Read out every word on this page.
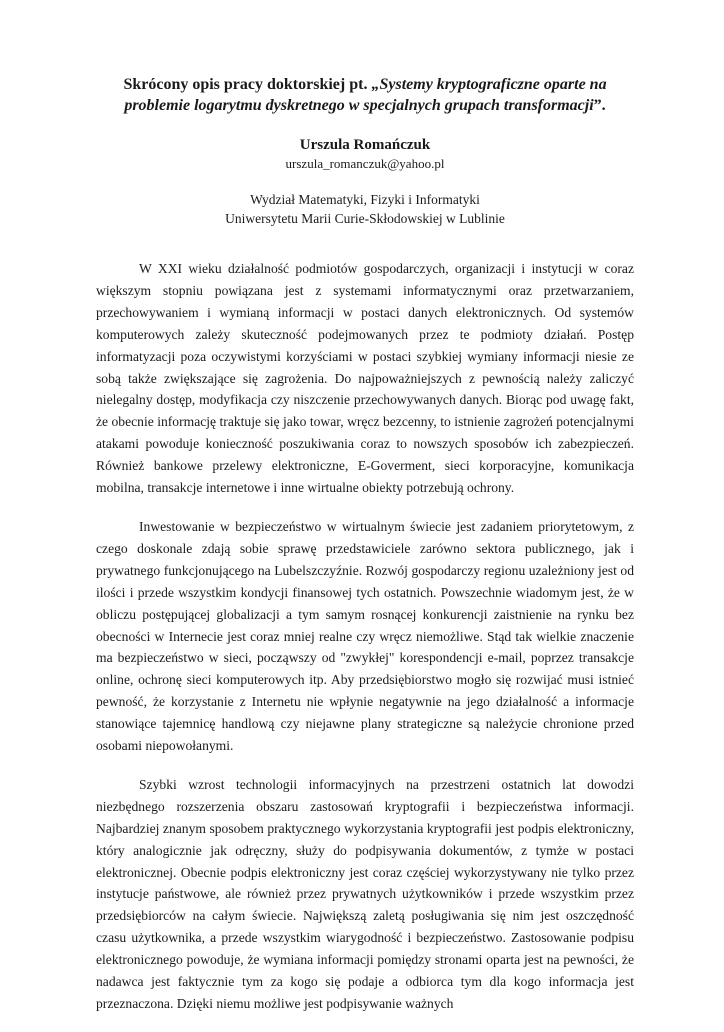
Skrócony opis pracy doktorskiej pt. „Systemy kryptograficzne oparte na problemie logarytmu dyskretnego w specjalnych grupach transformacji”.
Urszula Romańczuk
urszula_romanczuk@yahoo.pl
Wydział Matematyki, Fizyki i Informatyki
Uniwersytetu Marii Curie-Skłodowskiej w Lublinie

W XXI wieku działalność podmiotów gospodarczych, organizacji i instytucji w coraz większym stopniu powiązana jest z systemami informatycznymi oraz przetwarzaniem, przechowywaniem i wymianą informacji w postaci danych elektronicznych. Od systemów komputerowych zależy skuteczność podejmowanych przez te podmioty działań. Postęp informatyzacji poza oczywistymi korzyściami w postaci szybkiej wymiany informacji niesie ze sobą także zwiększające się zagrożenia. Do najpoważniejszych z pewnością należy zaliczyć nielegalny dostęp, modyfikacja czy niszczenie przechowywanych danych. Biorąc pod uwagę fakt, że obecnie informację traktuje się jako towar, wręcz bezcenny, to istnienie zagrożeń potencjalnymi atakami powoduje konieczność poszukiwania coraz to nowszych sposobów ich zabezpieczeń. Również bankowe przelewy elektroniczne, E-Goverment, sieci korporacyjne, komunikacja mobilna, transakcje internetowe i inne wirtualne obiekty potrzebują ochrony.

Inwestowanie w bezpieczeństwo w wirtualnym świecie jest zadaniem priorytetowym, z czego doskonale zdają sobie sprawę przedstawiciele zarówno sektora publicznego, jak i prywatnego funkcjonującego na Lubelszczyźnie. Rozwój gospodarczy regionu uzależniony jest od ilości i przede wszystkim kondycji finansowej tych ostatnich. Powszechnie wiadomym jest, że w obliczu postępującej globalizacji a tym samym rosnącej konkurencji zaistnienie na rynku bez obecności w Internecie jest coraz mniej realne czy wręcz niemożliwe. Stąd tak wielkie znaczenie ma bezpieczeństwo w sieci, począwszy od "zwykłej" korespondencji e-mail, poprzez transakcje online, ochronę sieci komputerowych itp. Aby przedsiębiorstwo mogło się rozwijać musi istnieć pewność, że korzystanie z Internetu nie wpłynie negatywnie na jego działalność a informacje stanowiące tajemnicę handlową czy niejawne plany strategiczne są należycie chronione przed osobami niepowołanymi.

Szybki wzrost technologii informacyjnych na przestrzeni ostatnich lat dowodzi niezbędnego rozszerzenia obszaru zastosowań kryptografii i bezpieczeństwa informacji. Najbardziej znanym sposobem praktycznego wykorzystania kryptografii jest podpis elektroniczny, który analogicznie jak odręczny, służy do podpisywania dokumentów, z tymże w postaci elektronicznej. Obecnie podpis elektroniczny jest coraz częściej wykorzystywany nie tylko przez instytucje państwowe, ale również przez prywatnych użytkowników i przede wszystkim przez przedsiębiorców na całym świecie. Największą zaletą posługiwania się nim jest oszczędność czasu użytkownika, a przede wszystkim wiarygodność i bezpieczeństwo. Zastosowanie podpisu elektronicznego powoduje, że wymiana informacji pomiędzy stronami oparta jest na pewności, że nadawca jest faktycznie tym za kogo się podaje a odbiorca tym dla kogo informacja jest przeznaczona. Dzięki niemu możliwe jest podpisywanie ważnych
